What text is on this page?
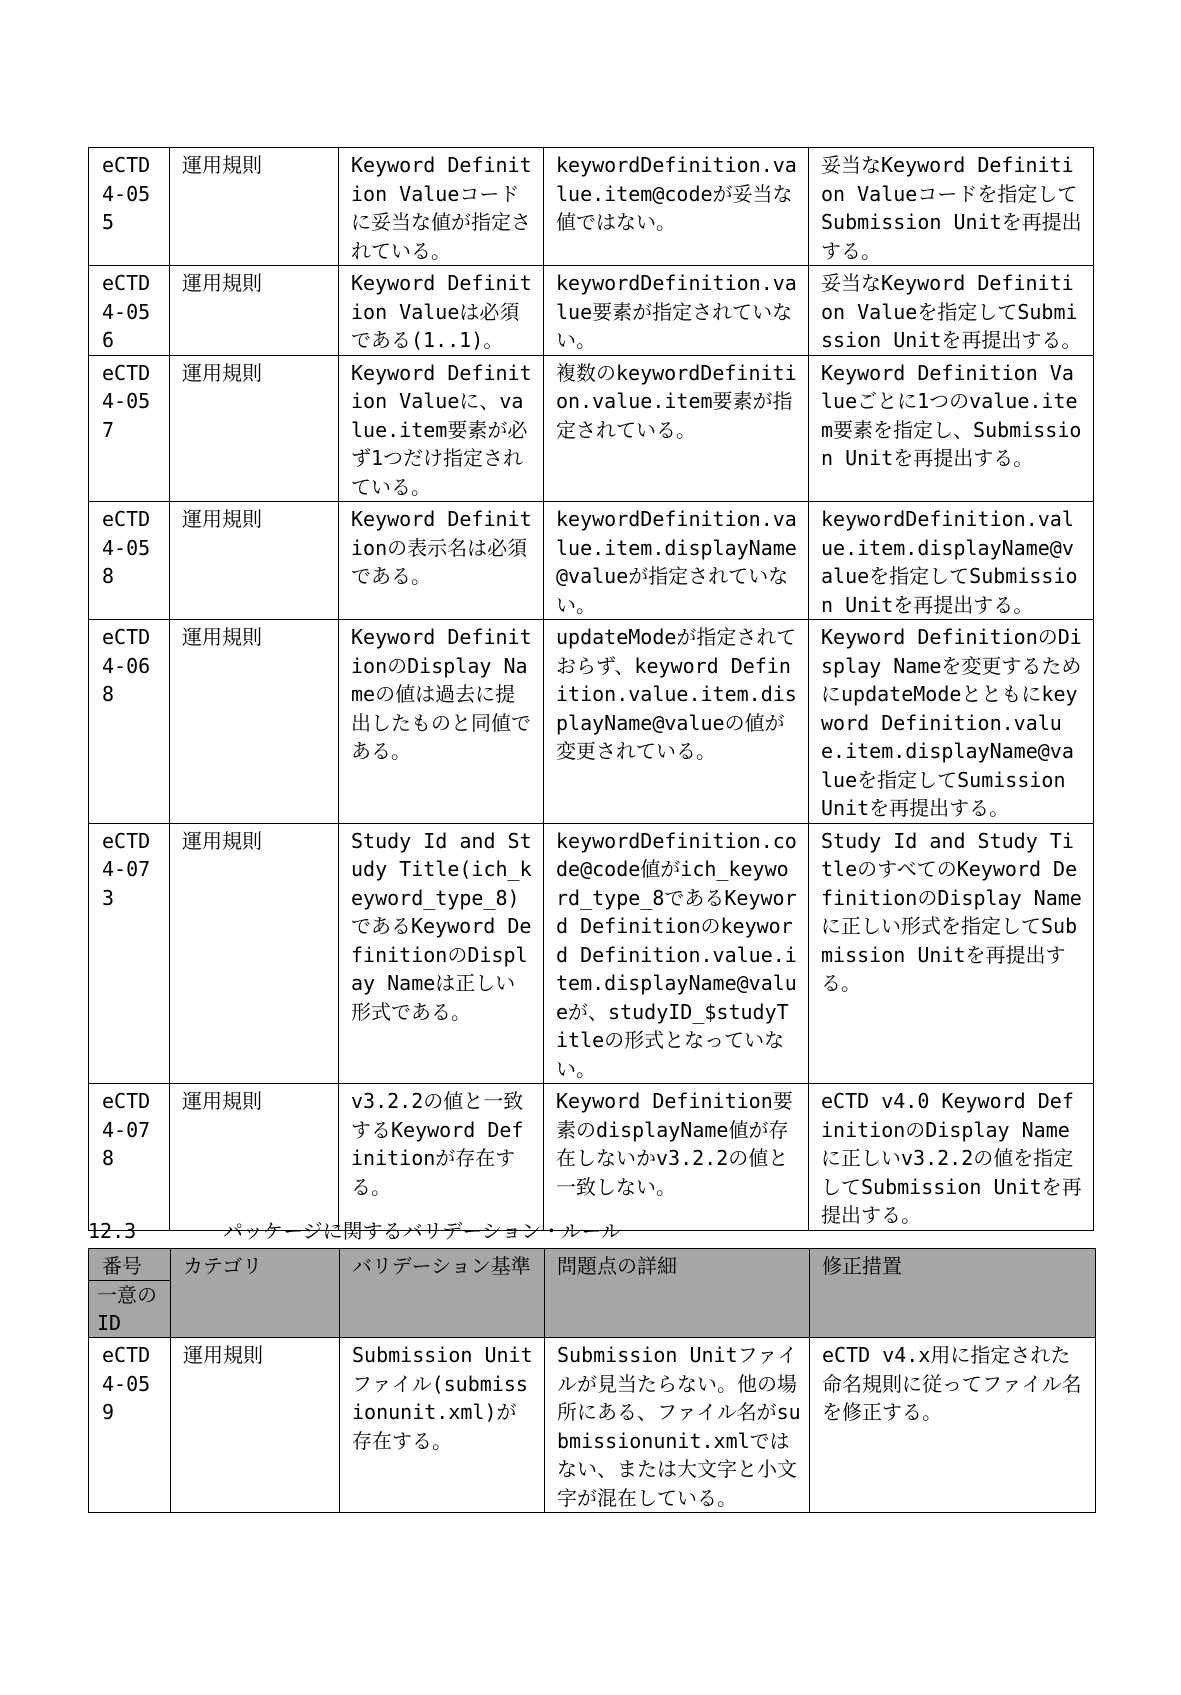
eCTD 4-055	運用規則	Keyword Definition Valueコードに妥当な値が指定されている。	keywordDefinition.value.item@codeが妥当な値ではない。	妥当なKeyword Definition Valueコードを指定してSubmission Unitを再提出する。
eCTD 4-056	運用規則	Keyword Definition Valueは必須である(1..1)。	keywordDefinition.value要素が指定されていない。	妥当なKeyword Definition Valueを指定してSubmission Unitを再提出する。
eCTD 4-057	運用規則	Keyword Definition Valueに、value.item要素が必ず1つだけ指定されている。	複数のkeywordDefinition.value.item要素が指定されている。	Keyword Definition Valueごとに1つのvalue.item要素を指定し、Submission Unitを再提出する。
eCTD 4-058	運用規則	Keyword Definitionの表示名は必須である。	keywordDefinition.value.item.displayName@valueが指定されていない。	keywordDefinition.value.item.displayName@valueを指定してSubmission Unitを再提出する。
eCTD 4-068	運用規則	Keyword DefinitionのDisplay Nameの値は過去に提出したものと同値である。	updateModeが指定されておらず、keyword Definition.value.item.displayName@valueの値が変更されている。	Keyword DefinitionのDisplay Nameを変更するためにupdateModeとともにkeyword Definition.value.item.displayName@valueを指定してSumission Unitを再提出する。
eCTD 4-073	運用規則	Study Id and Study Title(ich_keyword_type_8)であるKeyword DefinitionのDisplay Nameは正しい形式である。	keywordDefinition.code@code値がich_keyword_type_8であるKeyword Definitionのkeyword Definition.value.item.displayName@valueが、studyID_$studyTitleの形式となっていない。	Study Id and Study TitleのすべてのKeyword DefinitionのDisplay Nameに正しい形式を指定してSubmission Unitを再提出する。
eCTD 4-078	運用規則	v3.2.2の値と一致するKeyword Definitionが存在する。	Keyword Definition要素のdisplayName値が存在しないかv3.2.2の値と一致しない。	eCTD v4.0 Keyword DefinitionのDisplay Nameに正しいv3.2.2の値を指定してSubmission Unitを再提出する。
12.3	パッケージに関するバリデーション・ルール
番号
一意のID	カテゴリ	バリデーション基準	問題点の詳細	修正措置
eCTD 4-059	運用規則	Submission Unitファイル(submissionunit.xml)が存在する。	Submission Unitファイルが見当たらない。他の場所にある、ファイル名がsubmissionunit.xmlではない、または大文字と小文字が混在している。	eCTD v4.x用に指定された命名規則に従ってファイル名を修正する。
